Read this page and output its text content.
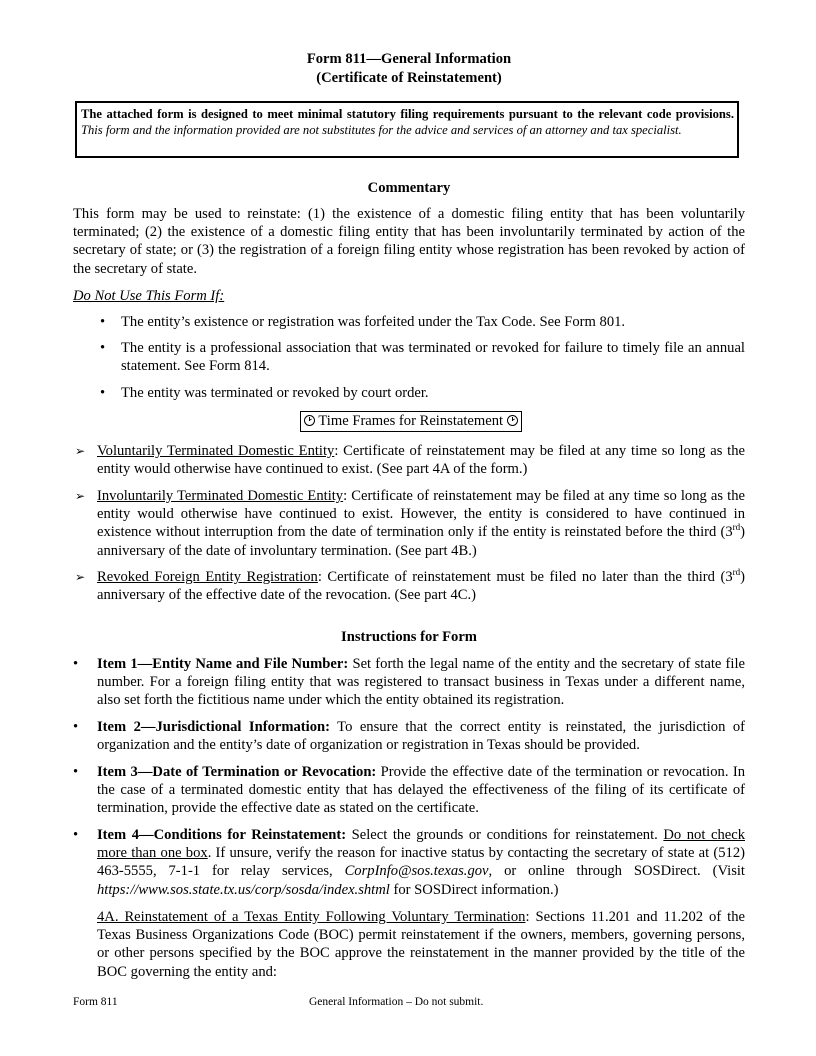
Form 811—General Information
(Certificate of Reinstatement)
The attached form is designed to meet minimal statutory filing requirements pursuant to the relevant code provisions. This form and the information provided are not substitutes for the advice and services of an attorney and tax specialist.
Commentary
This form may be used to reinstate: (1) the existence of a domestic filing entity that has been voluntarily terminated; (2) the existence of a domestic filing entity that has been involuntarily terminated by action of the secretary of state; or (3) the registration of a foreign filing entity whose registration has been revoked by action of the secretary of state.
Do Not Use This Form If:
• The entity’s existence or registration was forfeited under the Tax Code. See Form 801.
• The entity is a professional association that was terminated or revoked for failure to timely file an annual statement. See Form 814.
• The entity was terminated or revoked by court order.
Time Frames for Reinstatement
➢ Voluntarily Terminated Domestic Entity: Certificate of reinstatement may be filed at any time so long as the entity would otherwise have continued to exist. (See part 4A of the form.)
➢ Involuntarily Terminated Domestic Entity: Certificate of reinstatement may be filed at any time so long as the entity would otherwise have continued to exist. However, the entity is considered to have continued in existence without interruption from the date of termination only if the entity is reinstated before the third (3rd) anniversary of the date of involuntary termination. (See part 4B.)
➢ Revoked Foreign Entity Registration: Certificate of reinstatement must be filed no later than the third (3rd) anniversary of the effective date of the revocation. (See part 4C.)
Instructions for Form
• Item 1—Entity Name and File Number: Set forth the legal name of the entity and the secretary of state file number. For a foreign filing entity that was registered to transact business in Texas under a different name, also set forth the fictitious name under which the entity obtained its registration.
• Item 2—Jurisdictional Information: To ensure that the correct entity is reinstated, the jurisdiction of organization and the entity’s date of organization or registration in Texas should be provided.
• Item 3—Date of Termination or Revocation: Provide the effective date of the termination or revocation. In the case of a terminated domestic entity that has delayed the effectiveness of the filing of its certificate of termination, provide the effective date as stated on the certificate.
• Item 4—Conditions for Reinstatement: Select the grounds or conditions for reinstatement. Do not check more than one box. If unsure, verify the reason for inactive status by contacting the secretary of state at (512) 463-5555, 7-1-1 for relay services, CorpInfo@sos.texas.gov, or online through SOSDirect. (Visit https://www.sos.state.tx.us/corp/sosda/index.shtml for SOSDirect information.)
4A. Reinstatement of a Texas Entity Following Voluntary Termination: Sections 11.201 and 11.202 of the Texas Business Organizations Code (BOC) permit reinstatement if the owners, members, governing persons, or other persons specified by the BOC approve the reinstatement in the manner provided by the title of the BOC governing the entity and:
Form 811	General Information – Do not submit.
